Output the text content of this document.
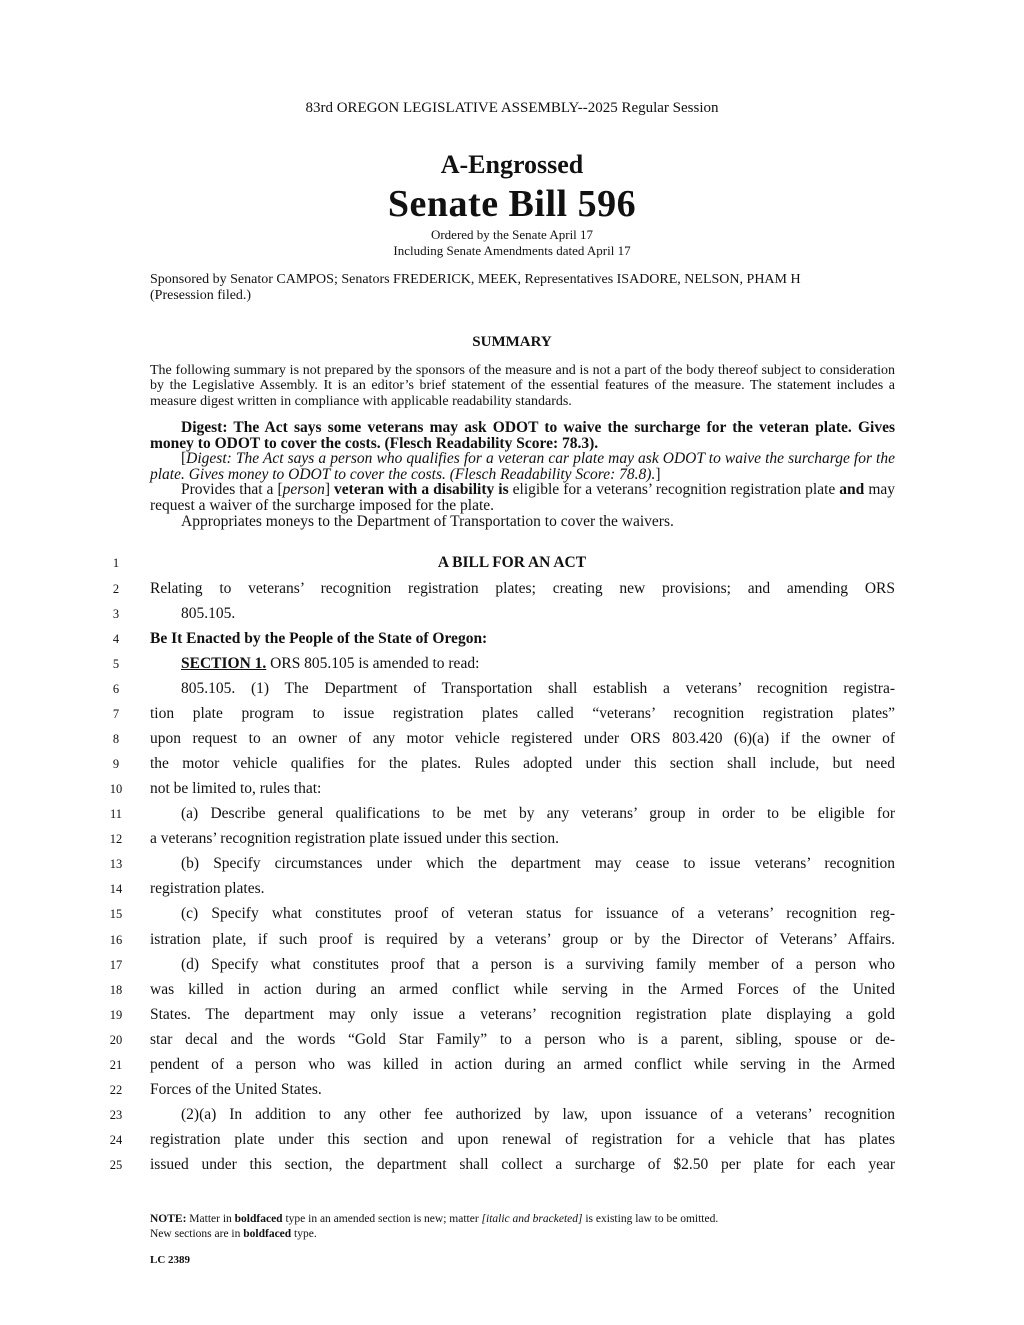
83rd OREGON LEGISLATIVE ASSEMBLY--2025 Regular Session
A-Engrossed
Senate Bill 596
Ordered by the Senate April 17
Including Senate Amendments dated April 17
Sponsored by Senator CAMPOS; Senators FREDERICK, MEEK, Representatives ISADORE, NELSON, PHAM H
(Presession filed.)
SUMMARY
The following summary is not prepared by the sponsors of the measure and is not a part of the body thereof subject to consideration by the Legislative Assembly. It is an editor’s brief statement of the essential features of the measure. The statement includes a measure digest written in compliance with applicable readability standards.

Digest: The Act says some veterans may ask ODOT to waive the surcharge for the veteran plate. Gives money to ODOT to cover the costs. (Flesch Readability Score: 78.3).

[Digest: The Act says a person who qualifies for a veteran car plate may ask ODOT to waive the surcharge for the plate. Gives money to ODOT to cover the costs. (Flesch Readability Score: 78.8).]

Provides that a [person] veteran with a disability is eligible for a veterans’ recognition registration plate and may request a waiver of the surcharge imposed for the plate.

Appropriates moneys to the Department of Transportation to cover the waivers.

1
2
3
4
5
6
7
8
9
10
11
12
13
14
15
16
17
18
19
20
21
22
23
24
25
A BILL FOR AN ACT
Relating to veterans’ recognition registration plates; creating new provisions; and amending ORS
805.105.
Be It Enacted by the People of the State of Oregon:
SECTION 1. ORS 805.105 is amended to read:
805.105. (1) The Department of Transportation shall establish a veterans’ recognition registra-
tion plate program to issue registration plates called “veterans’ recognition registration plates”
upon request to an owner of any motor vehicle registered under ORS 803.420 (6)(a) if the owner of
the motor vehicle qualifies for the plates. Rules adopted under this section shall include, but need
not be limited to, rules that:
(a) Describe general qualifications to be met by any veterans’ group in order to be eligible for
a veterans’ recognition registration plate issued under this section.
(b) Specify circumstances under which the department may cease to issue veterans’ recognition
registration plates.
(c) Specify what constitutes proof of veteran status for issuance of a veterans’ recognition reg-
istration plate, if such proof is required by a veterans’ group or by the Director of Veterans’ Affairs.
(d) Specify what constitutes proof that a person is a surviving family member of a person who
was killed in action during an armed conflict while serving in the Armed Forces of the United
States. The department may only issue a veterans’ recognition registration plate displaying a gold
star decal and the words “Gold Star Family” to a person who is a parent, sibling, spouse or de-
pendent of a person who was killed in action during an armed conflict while serving in the Armed
Forces of the United States.
(2)(a) In addition to any other fee authorized by law, upon issuance of a veterans’ recognition
registration plate under this section and upon renewal of registration for a vehicle that has plates
issued under this section, the department shall collect a surcharge of $2.50 per plate for each year
NOTE: Matter in boldfaced type in an amended section is new; matter [italic and bracketed] is existing law to be omitted.
New sections are in boldfaced type.
LC 2389
